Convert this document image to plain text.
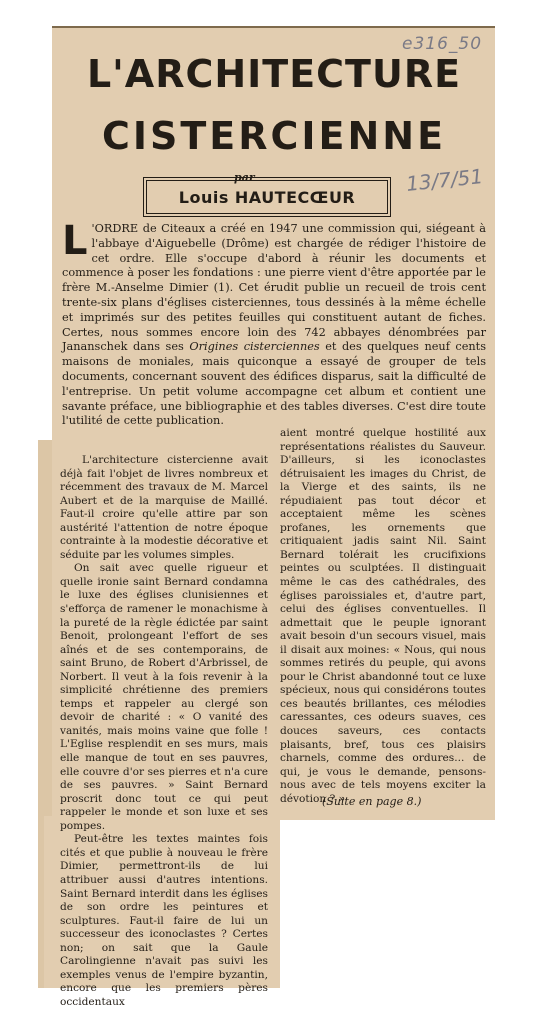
e316_50
L'ARCHITECTURE
CISTERCIENNE
par
Louis HAUTECŒUR
13/7/51
L 'ORDRE de Citeaux a créé en 1947 une commission qui, siégeant à l'abbaye d'Aiguebelle (Drôme) est chargée de rédiger l'histoire de cet ordre. Elle s'occupe d'abord à réunir les documents et commence à poser les fondations : une pierre vient d'être apportée par le frère M.-Anselme Dimier (1). Cet érudit publie un recueil de trois cent trente-six plans d'églises cisterciennes, tous dessinés à la même échelle et imprimés sur des petites feuilles qui constituent autant de fiches. Certes, nous sommes encore loin des 742 abbayes dénombrées par Jananschek dans ses Origines cisterciennes et des quelques neuf cents maisons de moniales, mais quiconque a essayé de grouper de tels documents, concernant souvent des édifices disparus, sait la difficulté de l'entreprise. Un petit volume accompagne cet album et contient une savante préface, une bibliographie et des tables diverses. C'est dire toute l'utilité de cette publication.

L'architecture cistercienne avait déjà fait l'objet de livres nombreux et récemment des travaux de M. Marcel Aubert et de la marquise de Maillé. Faut-il croire qu'elle attire par son austérité l'attention de notre époque contrainte à la modestie décorative et séduite par les volumes simples.

On sait avec quelle rigueur et quelle ironie saint Bernard condamna le luxe des églises clunisiennes et s'efforça de ramener le monachisme à la pureté de la règle édictée par saint Benoit, prolongeant l'effort de ses aînés et de ses contemporains, de saint Bruno, de Robert d'Arbrissel, de Norbert. Il veut à la fois revenir à la simplicité chrétienne des premiers temps et rappeler au clergé son devoir de charité : « O vanité des vanités, mais moins vaine que folle ! L'Eglise resplendit en ses murs, mais elle manque de tout en ses pauvres, elle couvre d'or ses pierres et n'a cure de ses pauvres. » Saint Bernard proscrit donc tout ce qui peut rappeler le monde et son luxe et ses pompes.

Peut-être les textes maintes fois cités et que publie à nouveau le frère Dimier, permettront-ils de lui attribuer aussi d'autres intentions. Saint Bernard interdit dans les églises de son ordre les peintures et sculptures. Faut-il faire de lui un successeur des iconoclastes ? Certes non; on sait que la Gaule Carolingienne n'avait pas suivi les exemples venus de l'empire byzantin, encore que les premiers pères occidentaux

aient montré quelque hostilité aux représentations réalistes du Sauveur. D'ailleurs, si les iconoclastes détruisaient les images du Christ, de la Vierge et des saints, ils ne répudiaient pas tout décor et acceptaient même les scènes profanes, les ornements que critiquaient jadis saint Nil. Saint Bernard tolérait les crucifixions peintes ou sculptées. Il distinguait même le cas des cathédrales, des églises paroissiales et, d'autre part, celui des églises conventuelles. Il admettait que le peuple ignorant avait besoin d'un secours visuel, mais il disait aux moines: « Nous, qui nous sommes retirés du peuple, qui avons pour le Christ abandonné tout ce luxe spécieux, nous qui considérons toutes ces beautés brillantes, ces mélodies caressantes, ces odeurs suaves, ces douces saveurs, ces contacts plaisants, bref, tous ces plaisirs charnels, comme des ordures... de qui, je vous le demande, pensons-nous avec de tels moyens exciter la dévotion ? »

(Suite en page 8.)
